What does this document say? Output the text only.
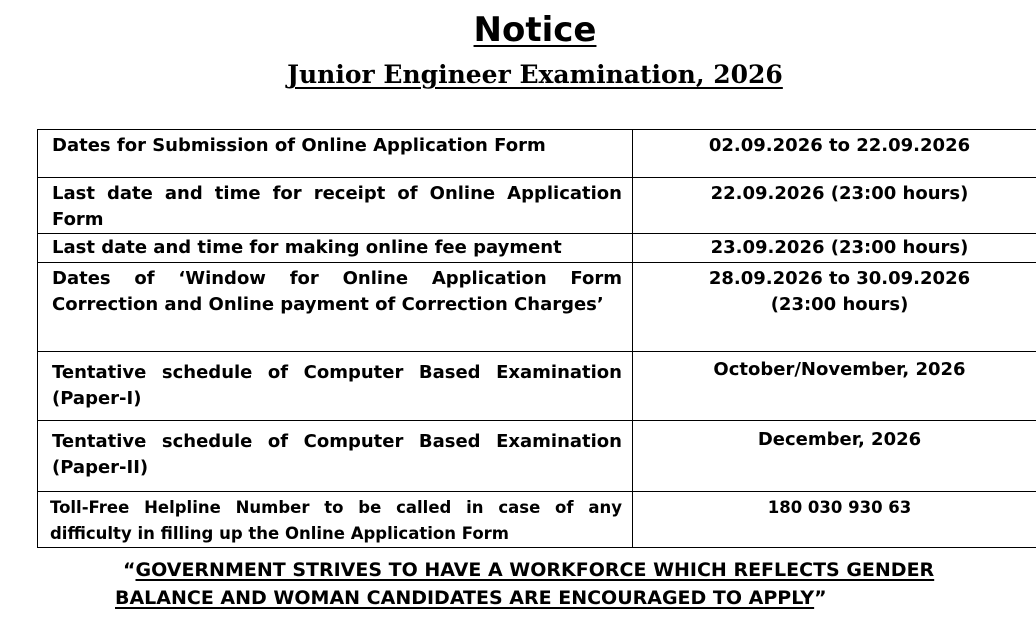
Notice
Junior Engineer Examination, 2026
Dates for Submission of Online Application Form	02.09.2026 to 22.09.2026

Last date and time for receipt of Online Application Form	22.09.2026 (23:00 hours)

Last date and time for making online fee payment	23.09.2026 (23:00 hours)

Dates of ‘Window for Online Application Form Correction and Online payment of Correction Charges’	28.09.2026 to 30.09.2026
(23:00 hours)

Tentative schedule of Computer Based Examination (Paper-I)	October/November, 2026

Tentative schedule of Computer Based Examination (Paper-II)	December, 2026

Toll-Free Helpline Number to be called in case of any difficulty in filling up the Online Application Form	180 030 930 63
“GOVERNMENT STRIVES TO HAVE A WORKFORCE WHICH REFLECTS GENDER
BALANCE AND WOMAN CANDIDATES ARE ENCOURAGED TO APPLY”
